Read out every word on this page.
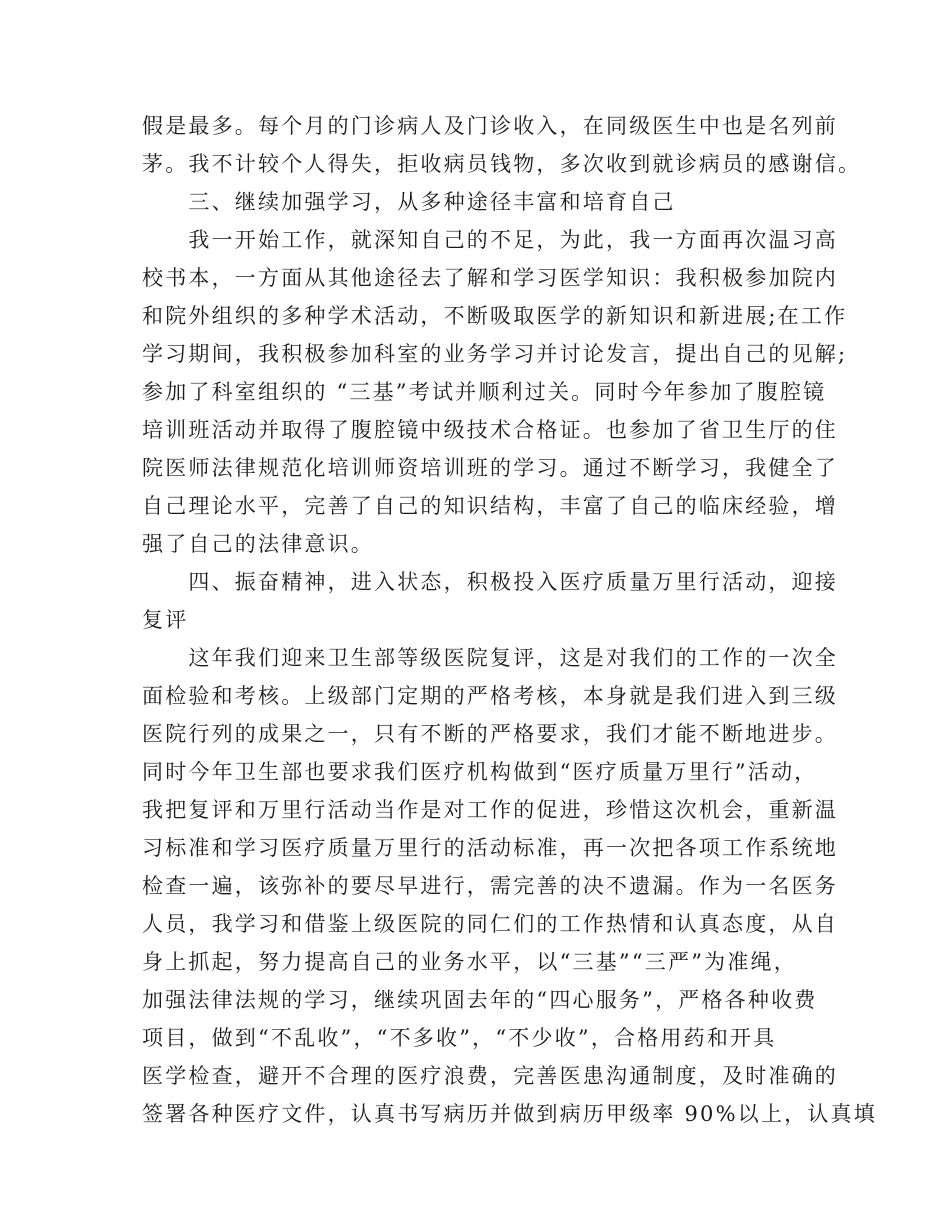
假是最多。每个月的门诊病人及门诊收入，在同级医生中也是名列前
茅。我不计较个人得失，拒收病员钱物，多次收到就诊病员的感谢信。
　　三、继续加强学习，从多种途径丰富和培育自己
　　我一开始工作，就深知自己的不足，为此，我一方面再次温习高
校书本，一方面从其他途径去了解和学习医学知识：我积极参加院内
和院外组织的多种学术活动，不断吸取医学的新知识和新进展;在工作
学习期间，我积极参加科室的业务学习并讨论发言，提出自己的见解;
参加了科室组织的 “三基”考试并顺利过关。同时今年参加了腹腔镜
培训班活动并取得了腹腔镜中级技术合格证。也参加了省卫生厅的住
院医师法律规范化培训师资培训班的学习。通过不断学习，我健全了
自己理论水平，完善了自己的知识结构，丰富了自己的临床经验，增
强了自己的法律意识。
　　四、振奋精神，进入状态，积极投入医疗质量万里行活动，迎接
复评
　　这年我们迎来卫生部等级医院复评，这是对我们的工作的一次全
面检验和考核。上级部门定期的严格考核，本身就是我们进入到三级
医院行列的成果之一，只有不断的严格要求，我们才能不断地进步。
同时今年卫生部也要求我们医疗机构做到“医疗质量万里行”活动，
我把复评和万里行活动当作是对工作的促进，珍惜这次机会，重新温
习标准和学习医疗质量万里行的活动标准，再一次把各项工作系统地
检查一遍，该弥补的要尽早进行，需完善的决不遗漏。作为一名医务
人员，我学习和借鉴上级医院的同仁们的工作热情和认真态度，从自
身上抓起，努力提高自己的业务水平，以“三基”“三严”为准绳，
加强法律法规的学习，继续巩固去年的“四心服务”，严格各种收费
项目，做到“不乱收”，“不多收”，“不少收”，合格用药和开具
医学检查，避开不合理的医疗浪费，完善医患沟通制度，及时准确的
签署各种医疗文件，认真书写病历并做到病历甲级率 90%以上，认真填
